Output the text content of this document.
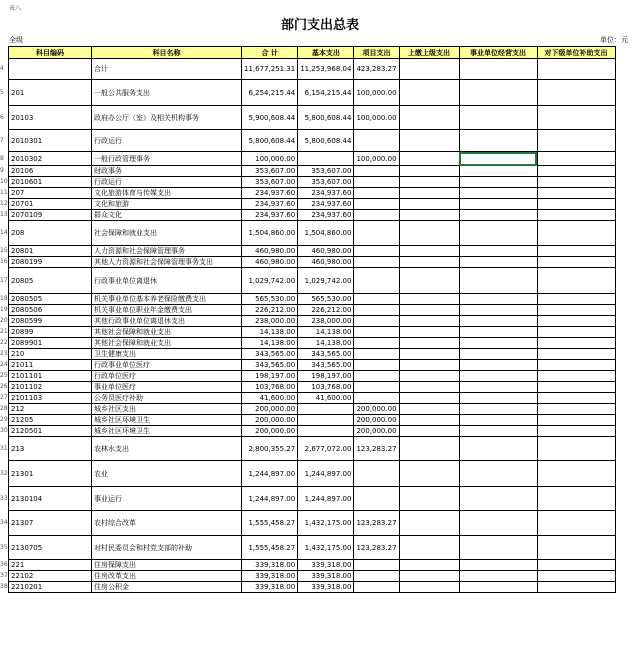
表八
部门支出总表
全级	单位：元
4
5
6
7
8
9
10
11
12
13
14
15
16
17
18
19
20
21
22
23
24
25
26
27
28
29
30
31
32
33
34
35
36
37
38
科目编码	科目名称	合 计	基本支出	项目支出	上缴上级支出	事业单位经营支出	对下级单位补助支出
	合计	11,677,251.31	11,253,968.04	423,283.27			
201	一般公共服务支出	6,254,215.44	6,154,215.44	100,000.00			
20103	政府办公厅（室）及相关机构事务	5,900,608.44	5,800,608.44	100,000.00			
2010301	行政运行	5,800,608.44	5,800,608.44				
2010302	一般行政管理事务	100,000.00		100,000.00			
20106	财政事务	353,607.00	353,607.00				
2010601	行政运行	353,607.00	353,607.00				
207	文化旅游体育与传媒支出	234,937.60	234,937.60				
20701	文化和旅游	234,937.60	234,937.60				
2070109	群众文化	234,937.60	234,937.60				
208	社会保障和就业支出	1,504,860.00	1,504,860.00				
20801	人力资源和社会保障管理事务	460,980.00	460,980.00				
2080199	其他人力资源和社会保障管理事务支出	460,980.00	460,980.00				
20805	行政事业单位离退休	1,029,742.00	1,029,742.00				
2080505	机关事业单位基本养老保险缴费支出	565,530.00	565,530.00				
2080506	机关事业单位职业年金缴费支出	226,212.00	226,212.00				
2080599	其他行政事业单位离退休支出	238,000.00	238,000.00				
20899	其他社会保障和就业支出	14,138.00	14,138.00				
2089901	其他社会保障和就业支出	14,138.00	14,138.00				
210	卫生健康支出	343,565.00	343,565.00				
21011	行政事业单位医疗	343,565.00	343,565.00				
2101101	行政单位医疗	198,197.00	198,197.00				
2101102	事业单位医疗	103,768.00	103,768.00				
2101103	公务员医疗补助	41,600.00	41,600.00				
212	城乡社区支出	200,000.00		200,000.00			
21205	城乡社区环境卫生	200,000.00		200,000.00			
2120501	城乡社区环境卫生	200,000.00		200,000.00			
213	农林水支出	2,800,355.27	2,677,072.00	123,283.27			
21301	农业	1,244,897.00	1,244,897.00				
2130104	事业运行	1,244,897.00	1,244,897.00				
21307	农村综合改革	1,555,458.27	1,432,175.00	123,283.27			
2130705	对村民委员会和村党支部的补助	1,555,458.27	1,432,175.00	123,283.27			
221	住房保障支出	339,318.00	339,318.00				
22102	住房改革支出	339,318.00	339,318.00				
2210201	住房公积金	339,318.00	339,318.00				
